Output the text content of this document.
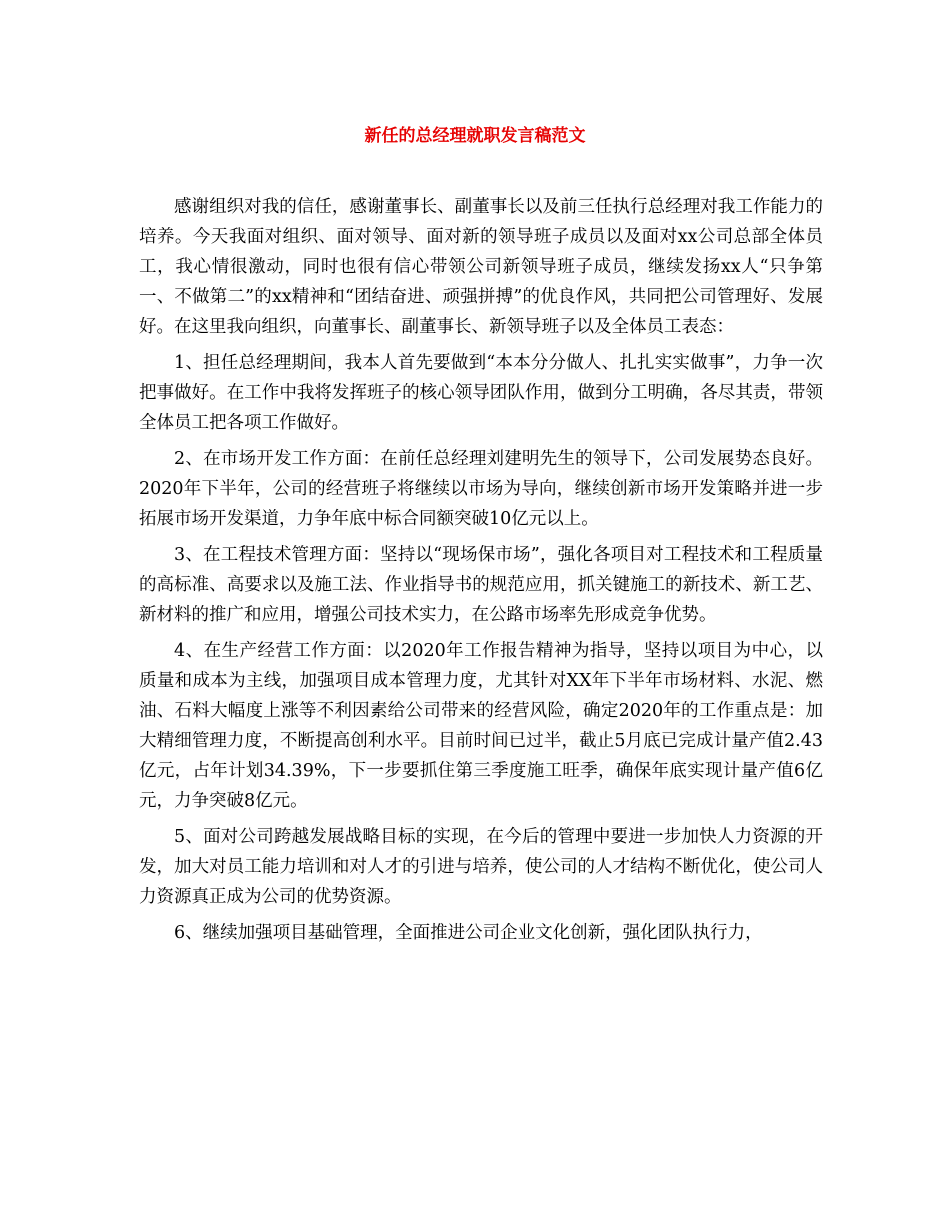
新任的总经理就职发言稿范文

感谢组织对我的信任，感谢董事长、副董事长以及前三任执行总经理对我工作能力的培养。今天我面对组织、面对领导、面对新的领导班子成员以及面对xx公司总部全体员工，我心情很激动，同时也很有信心带领公司新领导班子成员，继续发扬xx人“只争第一、不做第二”的xx精神和“团结奋进、顽强拼搏”的优良作风，共同把公司管理好、发展好。在这里我向组织，向董事长、副董事长、新领导班子以及全体员工表态：

1、担任总经理期间，我本人首先要做到“本本分分做人、扎扎实实做事”，力争一次把事做好。在工作中我将发挥班子的核心领导团队作用，做到分工明确，各尽其责，带领全体员工把各项工作做好。

2、在市场开发工作方面：在前任总经理刘建明先生的领导下，公司发展势态良好。2020年下半年，公司的经营班子将继续以市场为导向，继续创新市场开发策略并进一步拓展市场开发渠道，力争年底中标合同额突破10亿元以上。

3、在工程技术管理方面：坚持以“现场保市场”，强化各项目对工程技术和工程质量的高标准、高要求以及施工法、作业指导书的规范应用，抓关键施工的新技术、新工艺、新材料的推广和应用，增强公司技术实力，在公路市场率先形成竞争优势。

4、在生产经营工作方面：以2020年工作报告精神为指导，坚持以项目为中心，以质量和成本为主线，加强项目成本管理力度，尤其针对XX年下半年市场材料、水泥、燃油、石料大幅度上涨等不利因素给公司带来的经营风险，确定2020年的工作重点是：加大精细管理力度，不断提高创利水平。目前时间已过半，截止5月底已完成计量产值2.43亿元，占年计划34.39%，下一步要抓住第三季度施工旺季，确保年底实现计量产值6亿元，力争突破8亿元。

5、面对公司跨越发展战略目标的实现，在今后的管理中要进一步加快人力资源的开发，加大对员工能力培训和对人才的引进与培养，使公司的人才结构不断优化，使公司人力资源真正成为公司的优势资源。

6、继续加强项目基础管理，全面推进公司企业文化创新，强化团队执行力，
